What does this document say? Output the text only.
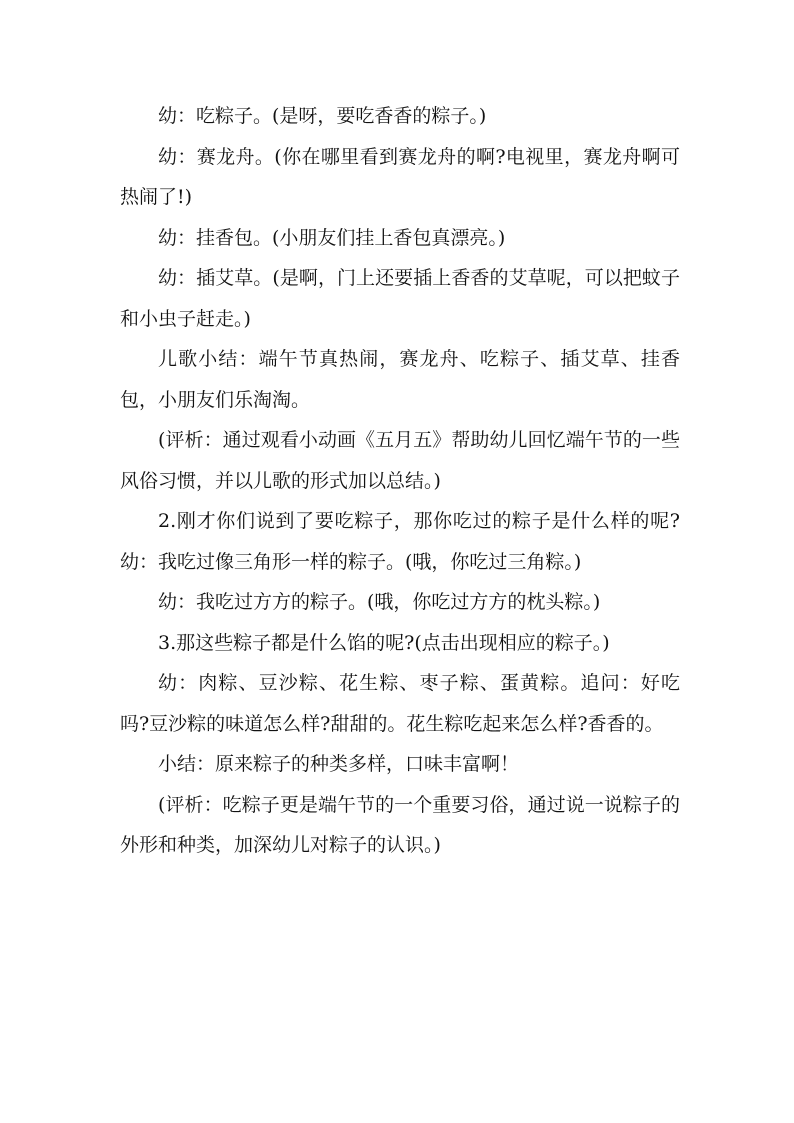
幼：吃粽子。(是呀，要吃香香的粽子。)

幼：赛龙舟。(你在哪里看到赛龙舟的啊?电视里，赛龙舟啊可热闹了!)

幼：挂香包。(小朋友们挂上香包真漂亮。)

幼：插艾草。(是啊，门上还要插上香香的艾草呢，可以把蚊子和小虫子赶走。)

儿歌小结：端午节真热闹，赛龙舟、吃粽子、插艾草、挂香包，小朋友们乐淘淘。

(评析：通过观看小动画《五月五》帮助幼儿回忆端午节的一些风俗习惯，并以儿歌的形式加以总结。)

2.刚才你们说到了要吃粽子，那你吃过的粽子是什么样的呢?幼：我吃过像三角形一样的粽子。(哦，你吃过三角粽。)

幼：我吃过方方的粽子。(哦，你吃过方方的枕头粽。)

3.那这些粽子都是什么馅的呢?(点击出现相应的粽子。)

幼：肉粽、豆沙粽、花生粽、枣子粽、蛋黄粽。追问：好吃吗?豆沙粽的味道怎么样?甜甜的。花生粽吃起来怎么样?香香的。

小结：原来粽子的种类多样，口味丰富啊！

(评析：吃粽子更是端午节的一个重要习俗，通过说一说粽子的外形和种类，加深幼儿对粽子的认识。)
